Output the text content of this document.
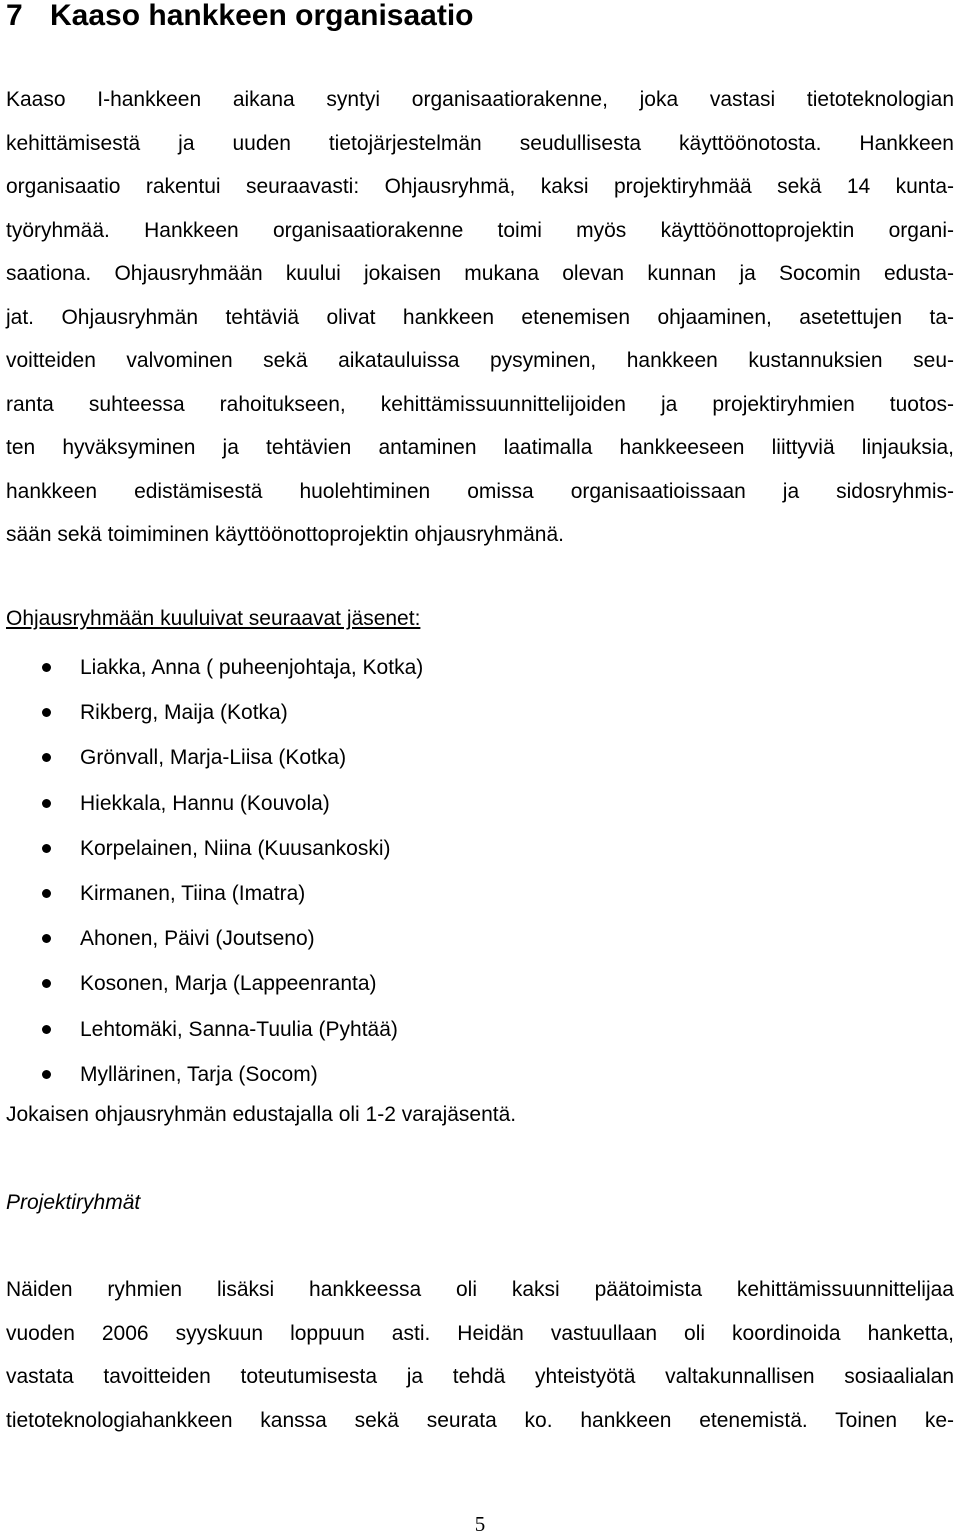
7 Kaaso hankkeen organisaatio

Kaaso I-hankkeen aikana syntyi organisaatiorakenne, joka vastasi tietoteknologian
kehittämisestä ja uuden tietojärjestelmän seudullisesta käyttöönotosta. Hankkeen
organisaatio rakentui seuraavasti: Ohjausryhmä, kaksi projektiryhmää sekä 14 kunta-
työryhmää. Hankkeen organisaatiorakenne toimi myös käyttöönottoprojektin organi-
saationa. Ohjausryhmään kuului jokaisen mukana olevan kunnan ja Socomin edusta-
jat. Ohjausryhmän tehtäviä olivat hankkeen etenemisen ohjaaminen, asetettujen ta-
voitteiden valvominen sekä aikatauluissa pysyminen, hankkeen kustannuksien seu-
ranta suhteessa rahoitukseen, kehittämissuunnittelijoiden ja projektiryhmien tuotos-
ten hyväksyminen ja tehtävien antaminen laatimalla hankkeeseen liittyviä linjauksia,
hankkeen edistämisestä huolehtiminen omissa organisaatioissaan ja sidosryhmis-
sään sekä toimiminen käyttöönottoprojektin ohjausryhmänä.

Ohjausryhmään kuuluivat seuraavat jäsenet:

Liakka, Anna ( puheenjohtaja, Kotka)
Rikberg, Maija (Kotka)
Grönvall, Marja-Liisa (Kotka)
Hiekkala, Hannu (Kouvola)
Korpelainen, Niina (Kuusankoski)
Kirmanen, Tiina (Imatra)
Ahonen, Päivi (Joutseno)
Kosonen, Marja (Lappeenranta)
Lehtomäki, Sanna-Tuulia (Pyhtää)
Myllärinen, Tarja (Socom)

Jokaisen ohjausryhmän edustajalla oli 1-2 varajäsentä.

Projektiryhmät

Näiden ryhmien lisäksi hankkeessa oli kaksi päätoimista kehittämissuunnittelijaa
vuoden 2006 syyskuun loppuun asti. Heidän vastuullaan oli koordinoida hanketta,
vastata tavoitteiden toteutumisesta ja tehdä yhteistyötä valtakunnallisen sosiaalialan
tietoteknologiahankkeen kanssa sekä seurata ko. hankkeen etenemistä. Toinen ke-

5
